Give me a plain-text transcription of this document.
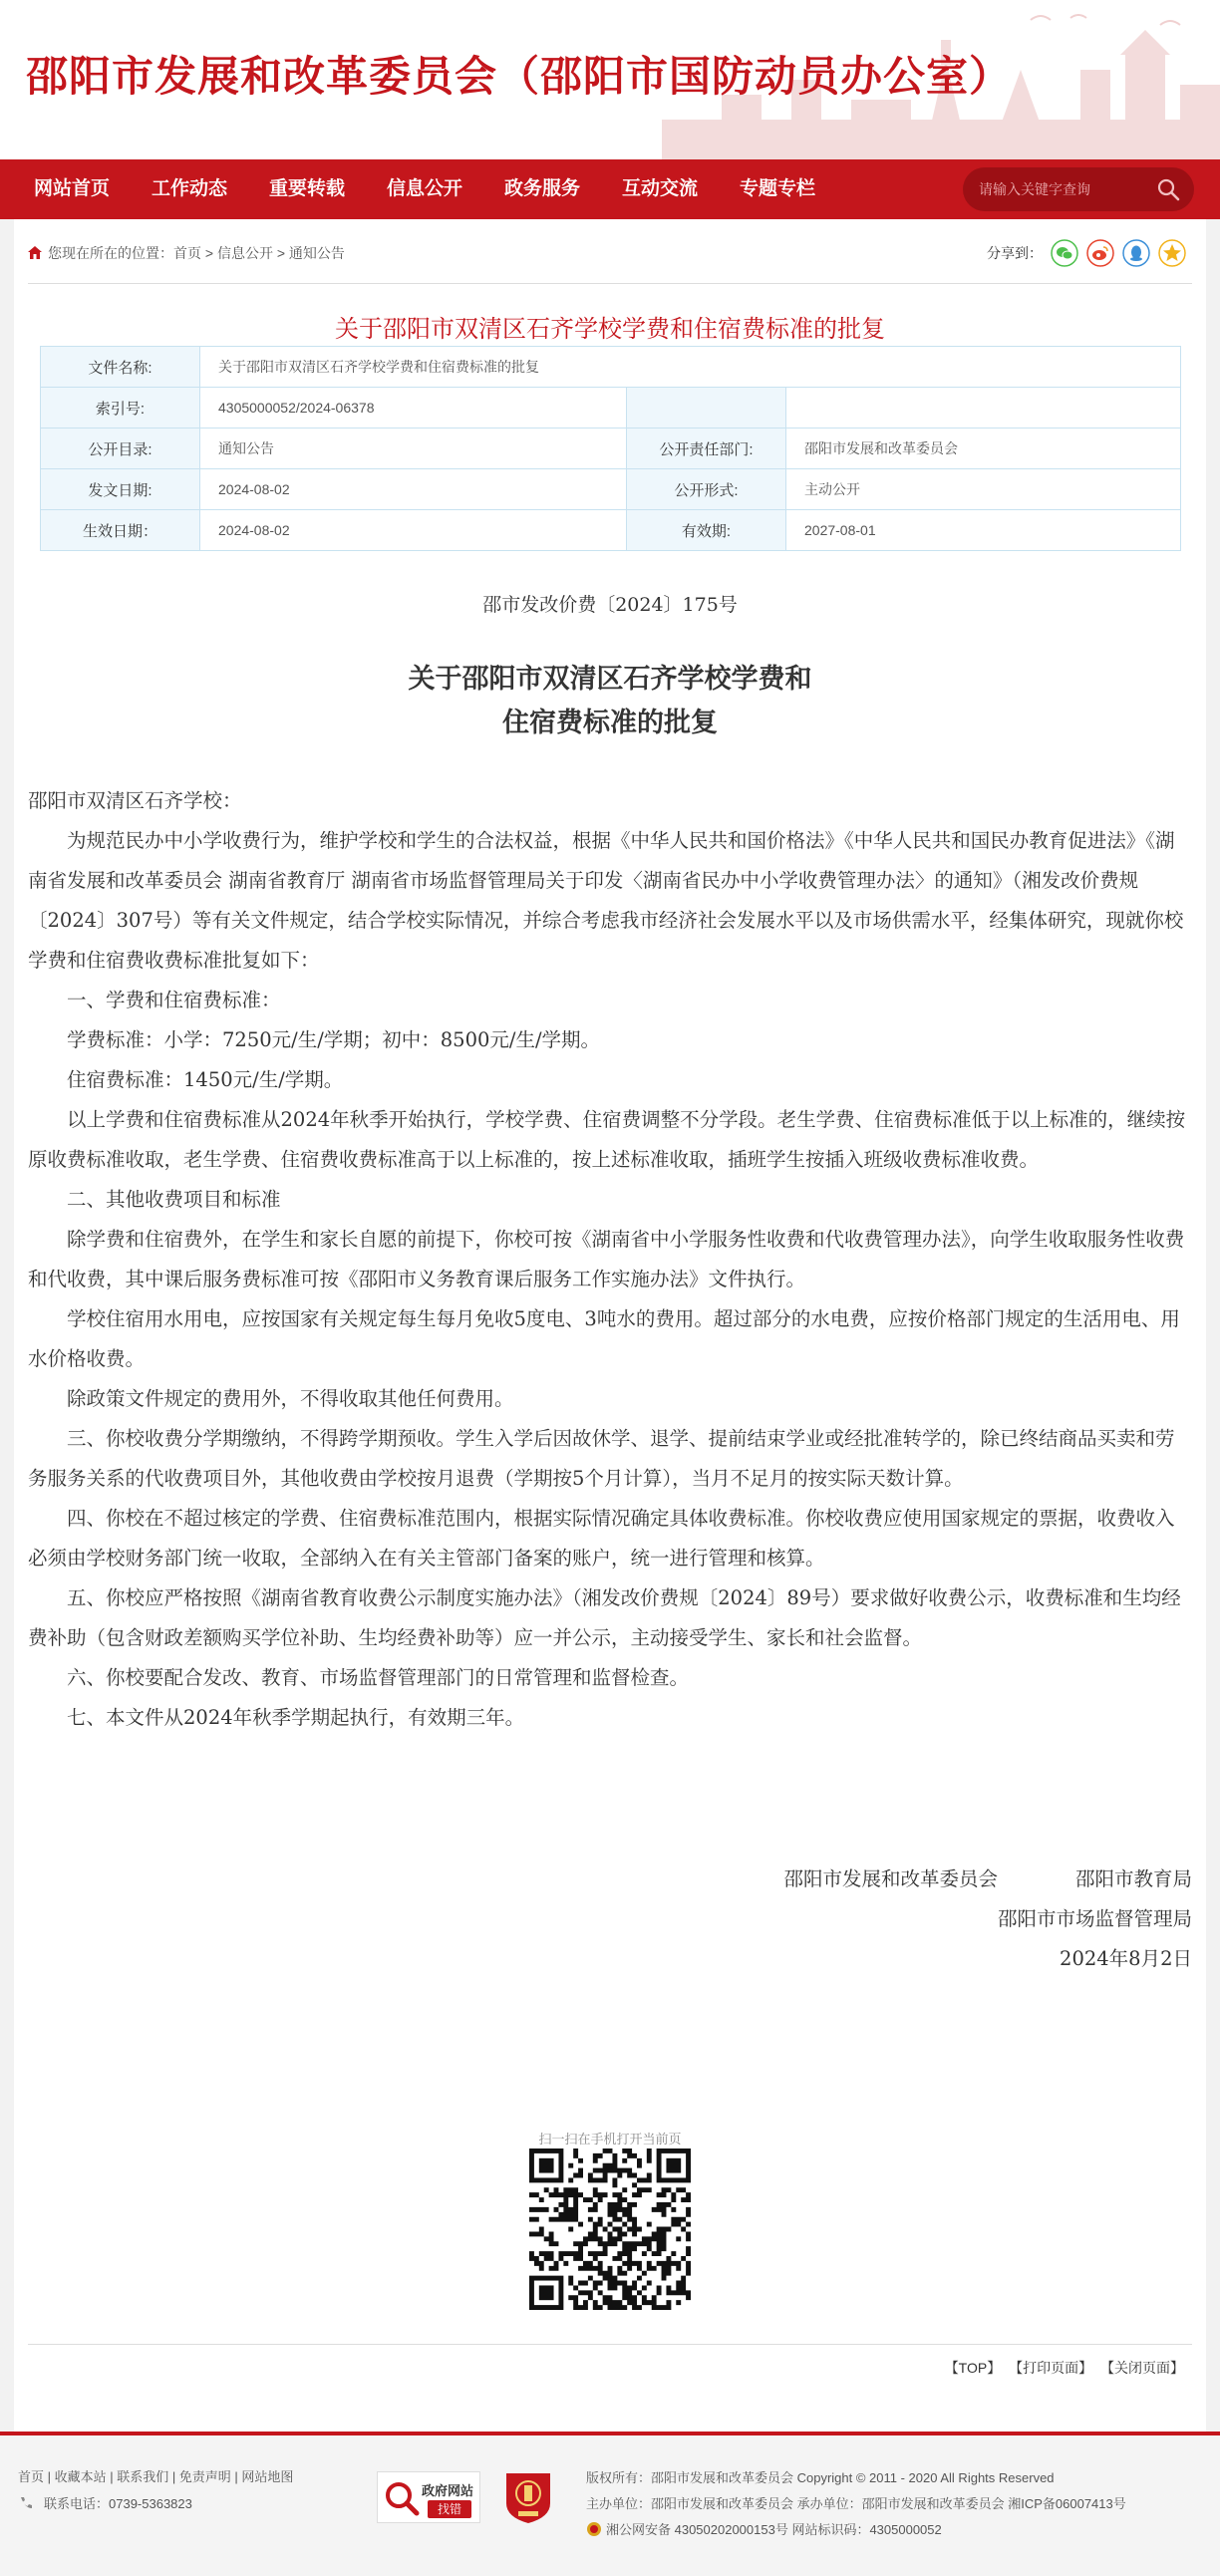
邵阳市发展和改革委员会（邵阳市国防动员办公室）
网站首页 工作动态 重要转载 信息公开 政务服务 互动交流 专题专栏
请输入关键字查询
您现在所在的位置：首页 > 信息公开 > 通知公告	分享到：
关于邵阳市双清区石齐学校学费和住宿费标准的批复
文件名称:	关于邵阳市双清区石齐学校学费和住宿费标准的批复		
索引号:	4305000052/2024-06378		
公开目录:	通知公告	公开责任部门:	邵阳市发展和改革委员会
发文日期:	2024-08-02	公开形式:	主动公开
生效日期：	2024-08-02	有效期:	2027-08-01
邵市发改价费〔2024〕175号
关于邵阳市双清区石齐学校学费和
住宿费标准的批复

邵阳市双清区石齐学校：

为规范民办中小学收费行为，维护学校和学生的合法权益，根据《中华人民共和国价格法》《中华人民共和国民办教育促进法》《湖南省发展和改革委员会 湖南省教育厅 湖南省市场监督管理局关于印发〈湖南省民办中小学收费管理办法〉的通知》（湘发改价费规〔2024〕307号）等有关文件规定，结合学校实际情况，并综合考虑我市经济社会发展水平以及市场供需水平，经集体研究，现就你校学费和住宿费收费标准批复如下：

一、学费和住宿费标准：

学费标准：小学：7250元/生/学期；初中：8500元/生/学期。

住宿费标准：1450元/生/学期。

以上学费和住宿费标准从2024年秋季开始执行，学校学费、住宿费调整不分学段。老生学费、住宿费标准低于以上标准的，继续按原收费标准收取，老生学费、住宿费收费标准高于以上标准的，按上述标准收取，插班学生按插入班级收费标准收费。

二、其他收费项目和标准

除学费和住宿费外，在学生和家长自愿的前提下，你校可按《湖南省中小学服务性收费和代收费管理办法》，向学生收取服务性收费和代收费，其中课后服务费标准可按《邵阳市义务教育课后服务工作实施办法》文件执行。

学校住宿用水用电，应按国家有关规定每生每月免收5度电、3吨水的费用。超过部分的水电费，应按价格部门规定的生活用电、用水价格收费。

除政策文件规定的费用外，不得收取其他任何费用。

三、你校收费分学期缴纳，不得跨学期预收。学生入学后因故休学、退学、提前结束学业或经批准转学的，除已终结商品买卖和劳务服务关系的代收费项目外，其他收费由学校按月退费（学期按5个月计算），当月不足月的按实际天数计算。

四、你校在不超过核定的学费、住宿费标准范围内，根据实际情况确定具体收费标准。你校收费应使用国家规定的票据，收费收入必须由学校财务部门统一收取，全部纳入在有关主管部门备案的账户，统一进行管理和核算。

五、你校应严格按照《湖南省教育收费公示制度实施办法》（湘发改价费规〔2024〕89号）要求做好收费公示，收费标准和生均经费补助（包含财政差额购买学位补助、生均经费补助等）应一并公示，主动接受学生、家长和社会监督。

六、你校要配合发改、教育、市场监督管理部门的日常管理和监督检查。

七、本文件从2024年秋季学期起执行，有效期三年。

邵阳市发展和改革委员会　　　　邵阳市教育局
邵阳市市场监督管理局
2024年8月2日
扫一扫在手机打开当前页
【TOP】 【打印页面】 【关闭页面】
首页 | 收藏本站 | 联系我们 | 免责声明 | 网站地图
联系电话：0739-5363823
政府网站
找错
版权所有：邵阳市发展和改革委员会 Copyright © 2011 - 2020 All Rights Reserved
主办单位：邵阳市发展和改革委员会 承办单位：邵阳市发展和改革委员会 湘ICP备06007413号
湘公网安备 43050202000153号 网站标识码：4305000052
